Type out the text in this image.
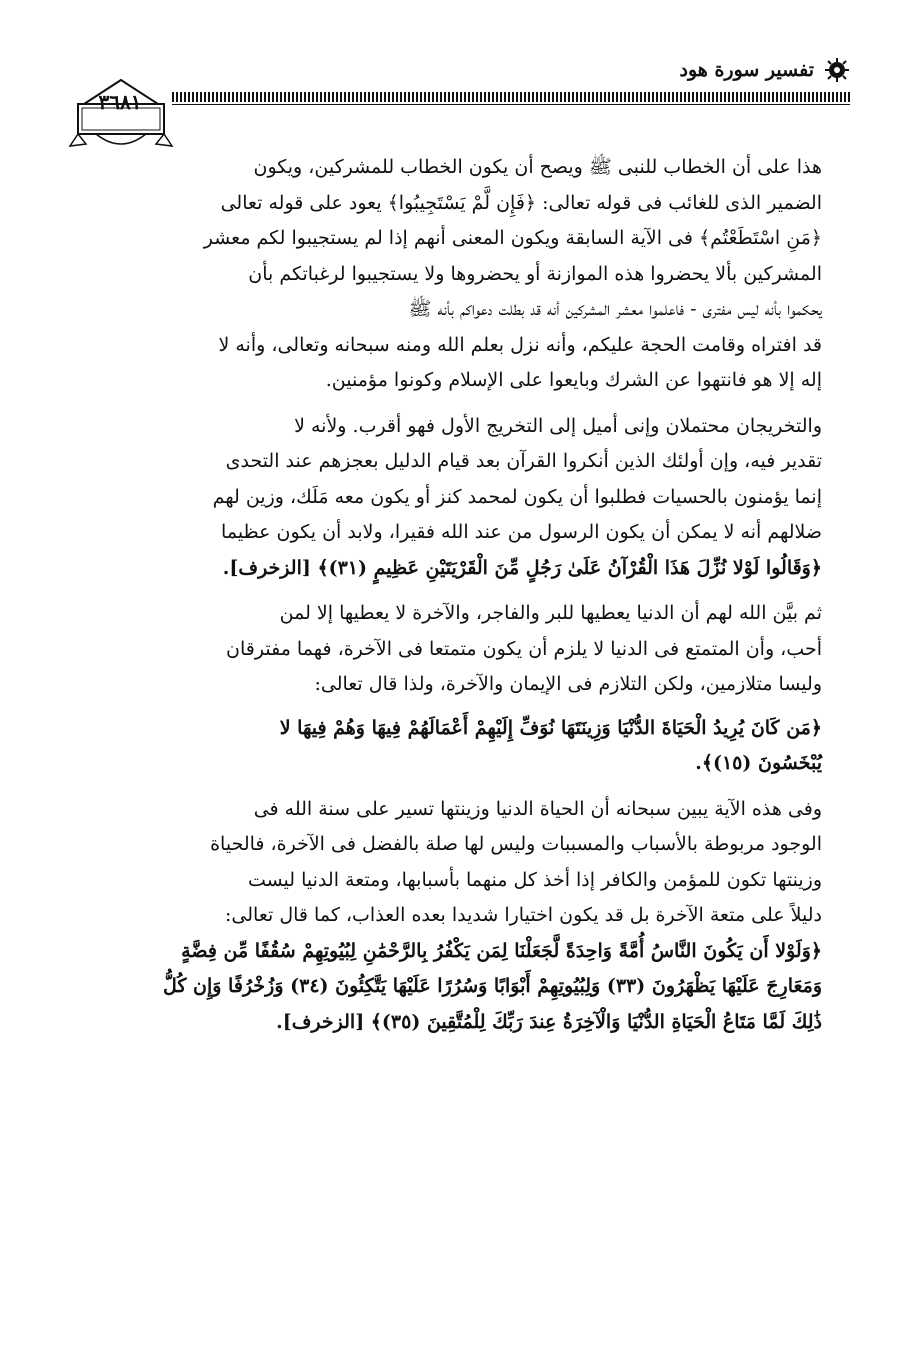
تفسير سورة هود
٣٦٨١
هذا على أن الخطاب للنبى ﷺ ويصح أن يكون الخطاب للمشركين، ويكون
الضمير الذى للغائب فى قوله تعالى: ﴿فَإِن لَّمْ يَسْتَجِيبُوا﴾ يعود على قوله تعالى
﴿مَنِ اسْتَطَعْتُم﴾ فى الآية السابقة ويكون المعنى أنهم إذا لم يستجيبوا لكم معشر
المشركين بألا يحضروا هذه الموازنة أو يحضروها ولا يستجيبوا لرغباتكم بأن
يحكموا بأنه ليس مفترى - فاعلموا معشر المشركين أنه قد بطلت دعواكم بأنه ﷺ
قد افتراه وقامت الحجة عليكم، وأنه نزل بعلم الله ومنه سبحانه وتعالى، وأنه لا
إله إلا هو فانتهوا عن الشرك وبايعوا على الإسلام وكونوا مؤمنين.
والتخريجان محتملان وإنى أميل إلى التخريج الأول فهو أقرب. ولأنه لا
تقدير فيه، وإن أولئك الذين أنكروا القرآن بعد قيام الدليل بعجزهم عند التحدى
إنما يؤمنون بالحسيات فطلبوا أن يكون لمحمد كنز أو يكون معه مَلَك، وزين لهم
ضلالهم أنه لا يمكن أن يكون الرسول من عند الله فقيرا، ولابد أن يكون عظيما
﴿وَقَالُوا لَوْلا نُزِّلَ هَذَا الْقُرْآنُ عَلَىٰ رَجُلٍ مِّنَ الْقَرْيَتَيْنِ عَظِيمٍ (٣١)﴾ [الزخرف].
ثم بيَّن الله لهم أن الدنيا يعطيها للبر والفاجر، والآخرة لا يعطيها إلا لمن
أحب، وأن المتمتع فى الدنيا لا يلزم أن يكون متمتعا فى الآخرة، فهما مفترقان
وليسا متلازمين، ولكن التلازم فى الإيمان والآخرة، ولذا قال تعالى:
﴿مَن كَانَ يُرِيدُ الْحَيَاةَ الدُّنْيَا وَزِينَتَهَا نُوَفِّ إِلَيْهِمْ أَعْمَالَهُمْ فِيهَا وَهُمْ فِيهَا لا
يُبْخَسُونَ (١٥)﴾.
وفى هذه الآية يبين سبحانه أن الحياة الدنيا وزينتها تسير على سنة الله فى
الوجود مربوطة بالأسباب والمسببات وليس لها صلة بالفضل فى الآخرة، فالحياة
وزينتها تكون للمؤمن والكافر إذا أخذ كل منهما بأسبابها، ومتعة الدنيا ليست
دليلاً على متعة الآخرة بل قد يكون اختيارا شديدا بعده العذاب، كما قال تعالى:
﴿وَلَوْلا أَن يَكُونَ النَّاسُ أُمَّةً وَاحِدَةً لَّجَعَلْنَا لِمَن يَكْفُرُ بِالرَّحْمَٰنِ لِبُيُوتِهِمْ سُقُفًا مِّن فِضَّةٍ
وَمَعَارِجَ عَلَيْهَا يَظْهَرُونَ (٣٣) وَلِبُيُوتِهِمْ أَبْوَابًا وَسُرُرًا عَلَيْهَا يَتَّكِئُونَ (٣٤) وَزُخْرُفًا وَإِن كُلُّ
ذَٰلِكَ لَمَّا مَتَاعُ الْحَيَاةِ الدُّنْيَا وَالْآخِرَةُ عِندَ رَبِّكَ لِلْمُتَّقِينَ (٣٥)﴾ [الزخرف].
